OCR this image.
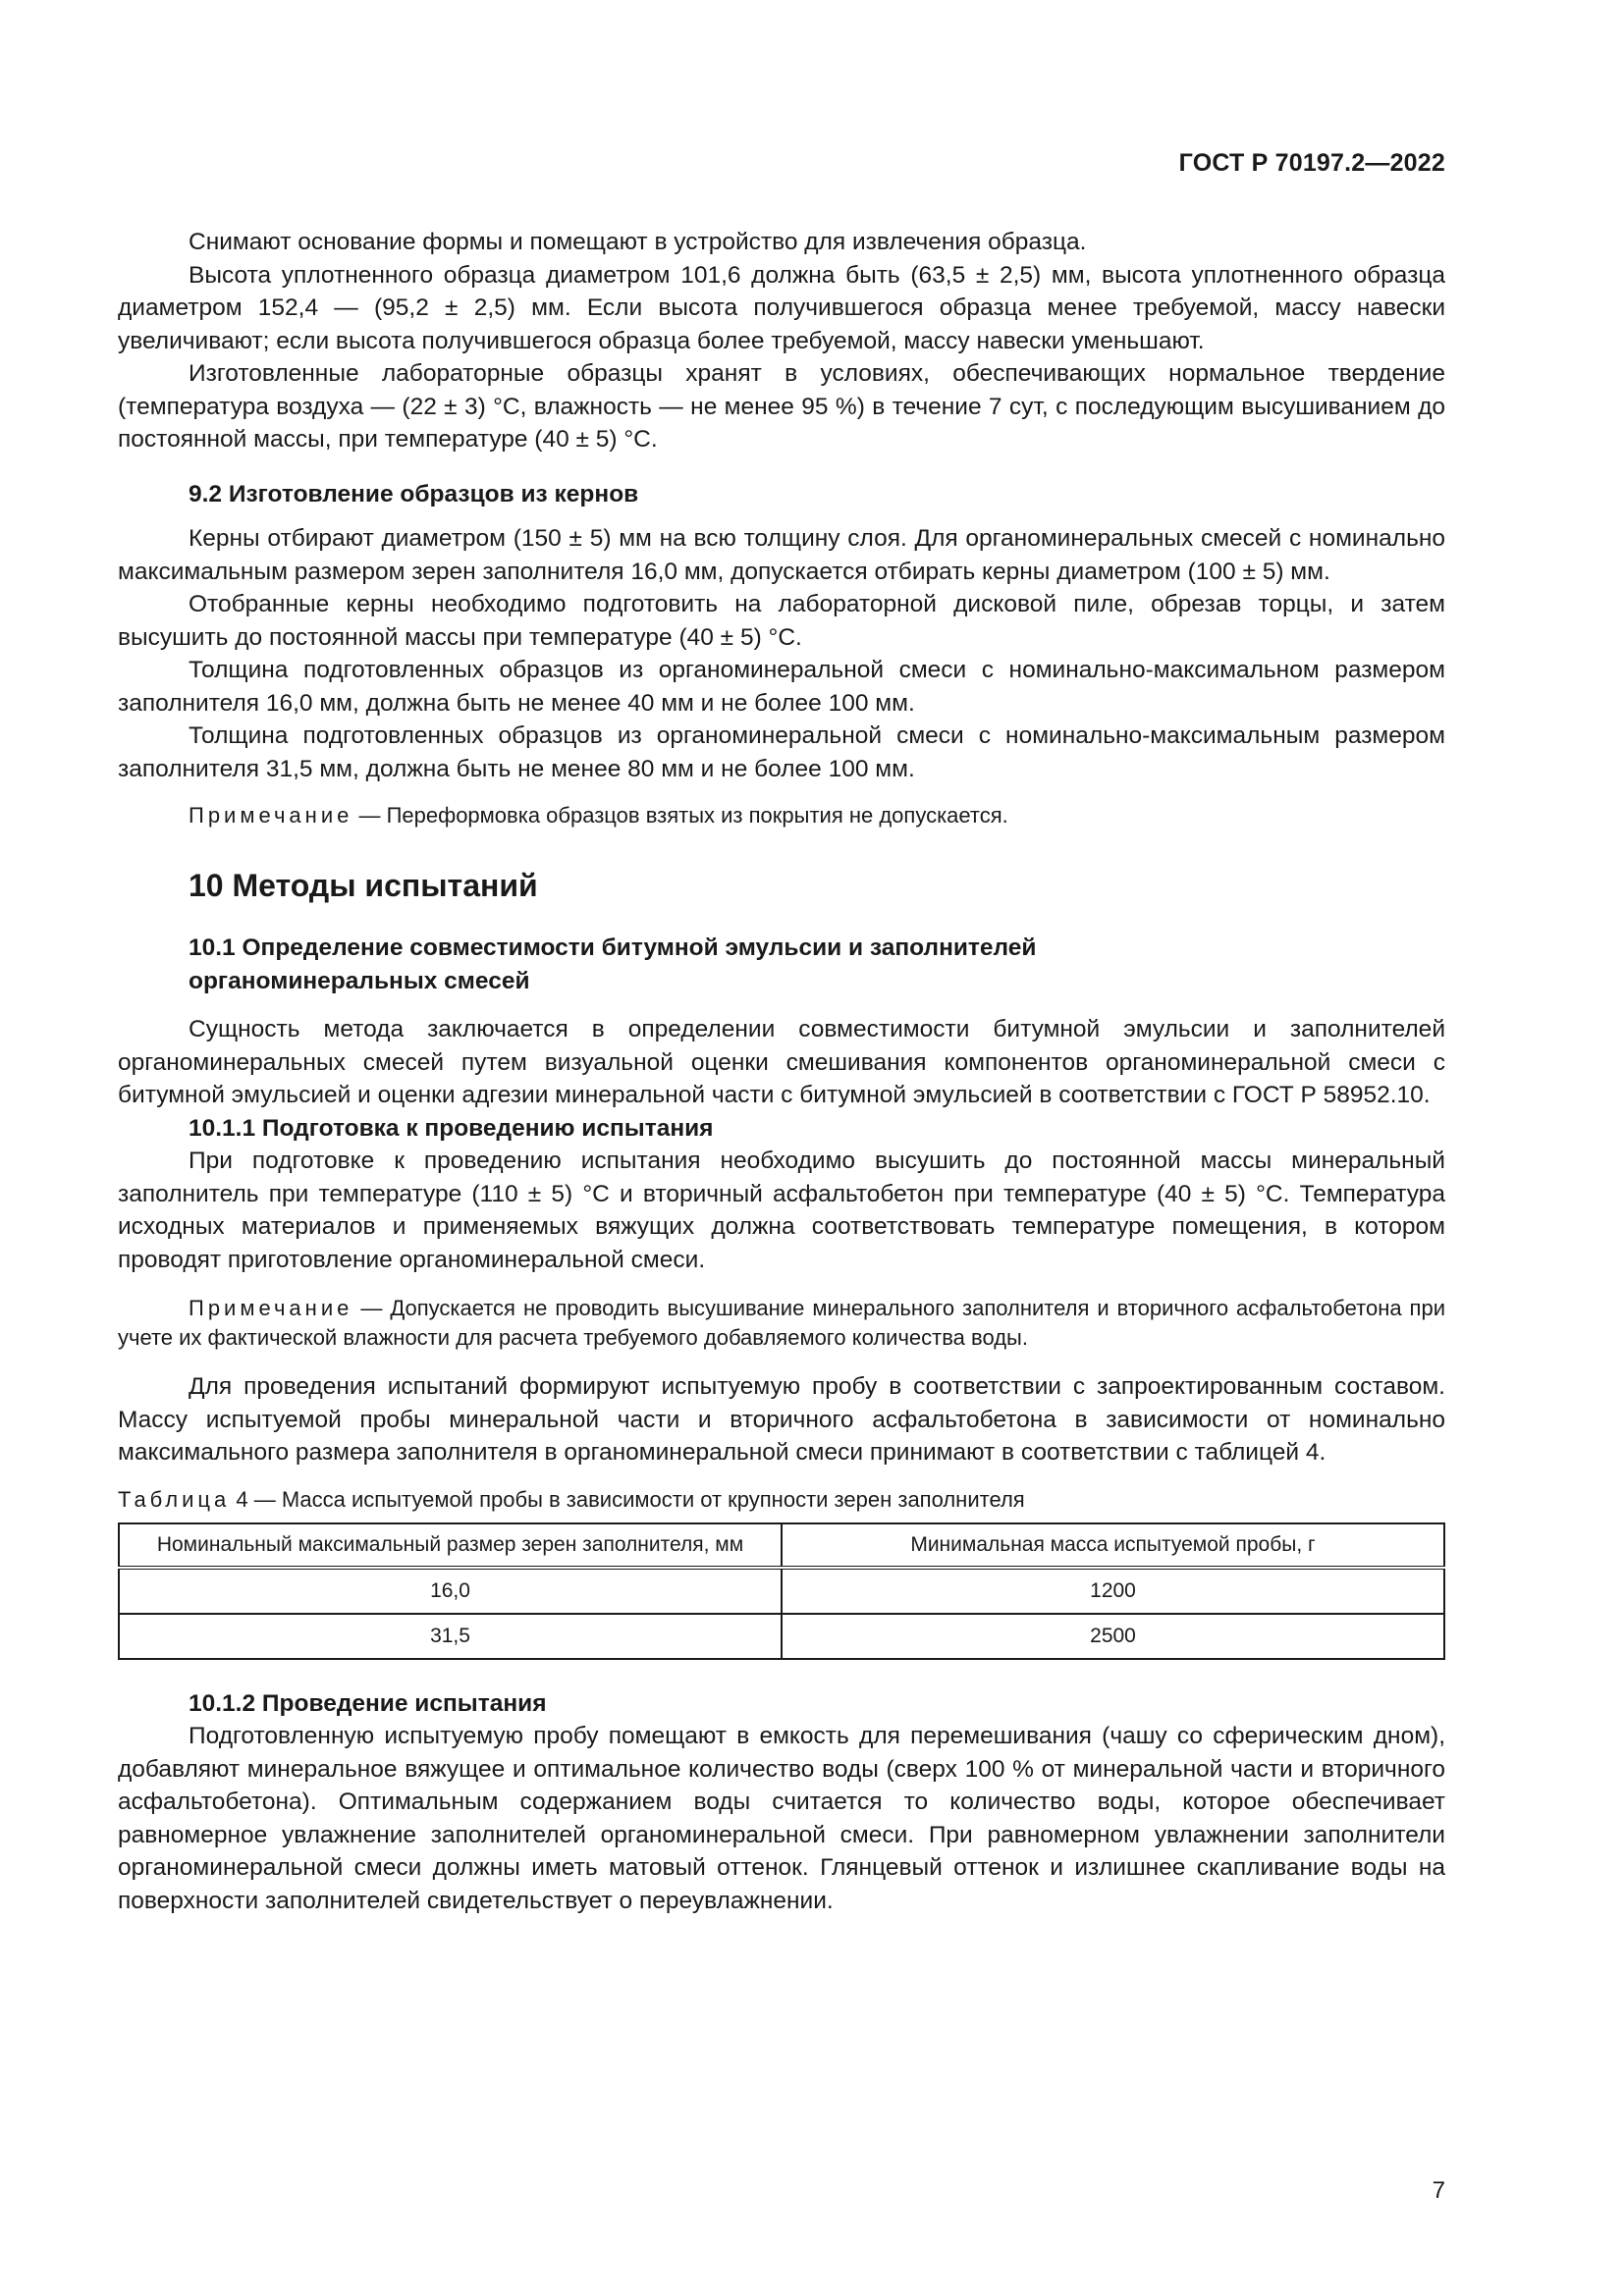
ГОСТ Р 70197.2—2022

Снимают основание формы и помещают в устройство для извлечения образца.

Высота уплотненного образца диаметром 101,6 должна быть (63,5 ± 2,5) мм, высота уплотненного образца диаметром 152,4 — (95,2 ± 2,5) мм. Если высота получившегося образца менее требуемой, массу навески увеличивают; если высота получившегося образца более требуемой, массу навески уменьшают.

Изготовленные лабораторные образцы хранят в условиях, обеспечивающих нормальное твердение (температура воздуха — (22 ± 3) °С, влажность — не менее 95 %) в течение 7 сут, с последующим высушиванием до постоянной массы, при температуре (40 ± 5) °С.

9.2 Изготовление образцов из кернов

Керны отбирают диаметром (150 ± 5) мм на всю толщину слоя. Для органоминеральных смесей с номинально максимальным размером зерен заполнителя 16,0 мм, допускается отбирать керны диаметром (100 ± 5) мм.

Отобранные керны необходимо подготовить на лабораторной дисковой пиле, обрезав торцы, и затем высушить до постоянной массы при температуре (40 ± 5) °С.

Толщина подготовленных образцов из органоминеральной смеси с номинально-максимальном размером заполнителя 16,0 мм, должна быть не менее 40 мм и не более 100 мм.

Толщина подготовленных образцов из органоминеральной смеси с номинально-максимальным размером заполнителя 31,5 мм, должна быть не менее 80 мм и не более 100 мм.

Примечание — Переформовка образцов взятых из покрытия не допускается.
10 Методы испытаний
10.1 Определение совместимости битумной эмульсии и заполнителей
органоминеральных смесей

Сущность метода заключается в определении совместимости битумной эмульсии и заполнителей органоминеральных смесей путем визуальной оценки смешивания компонентов органоминеральной смеси с битумной эмульсией и оценки адгезии минеральной части с битумной эмульсией в соответствии с ГОСТ Р 58952.10.

10.1.1 Подготовка к проведению испытания

При подготовке к проведению испытания необходимо высушить до постоянной массы минеральный заполнитель при температуре (110 ± 5) °С и вторичный асфальтобетон при температуре (40 ± 5) °С. Температура исходных материалов и применяемых вяжущих должна соответствовать температуре помещения, в котором проводят приготовление органоминеральной смеси.

Примечание — Допускается не проводить высушивание минерального заполнителя и вторичного асфальтобетона при учете их фактической влажности для расчета требуемого добавляемого количества воды.

Для проведения испытаний формируют испытуемую пробу в соответствии с запроектированным составом. Массу испытуемой пробы минеральной части и вторичного асфальтобетона в зависимости от номинально максимального размера заполнителя в органоминеральной смеси принимают в соответствии с таблицей 4.

Таблица 4 — Масса испытуемой пробы в зависимости от крупности зерен заполнителя
Номинальный максимальный размер зерен заполнителя, мм	Минимальная масса испытуемой пробы, г
16,0	1200
31,5	2500
10.1.2 Проведение испытания

Подготовленную испытуемую пробу помещают в емкость для перемешивания (чашу со сферическим дном), добавляют минеральное вяжущее и оптимальное количество воды (сверх 100 % от минеральной части и вторичного асфальтобетона). Оптимальным содержанием воды считается то количество воды, которое обеспечивает равномерное увлажнение заполнителей органоминеральной смеси. При равномерном увлажнении заполнители органоминеральной смеси должны иметь матовый оттенок. Глянцевый оттенок и излишнее скапливание воды на поверхности заполнителей свидетельствует о переувлажнении.

7
